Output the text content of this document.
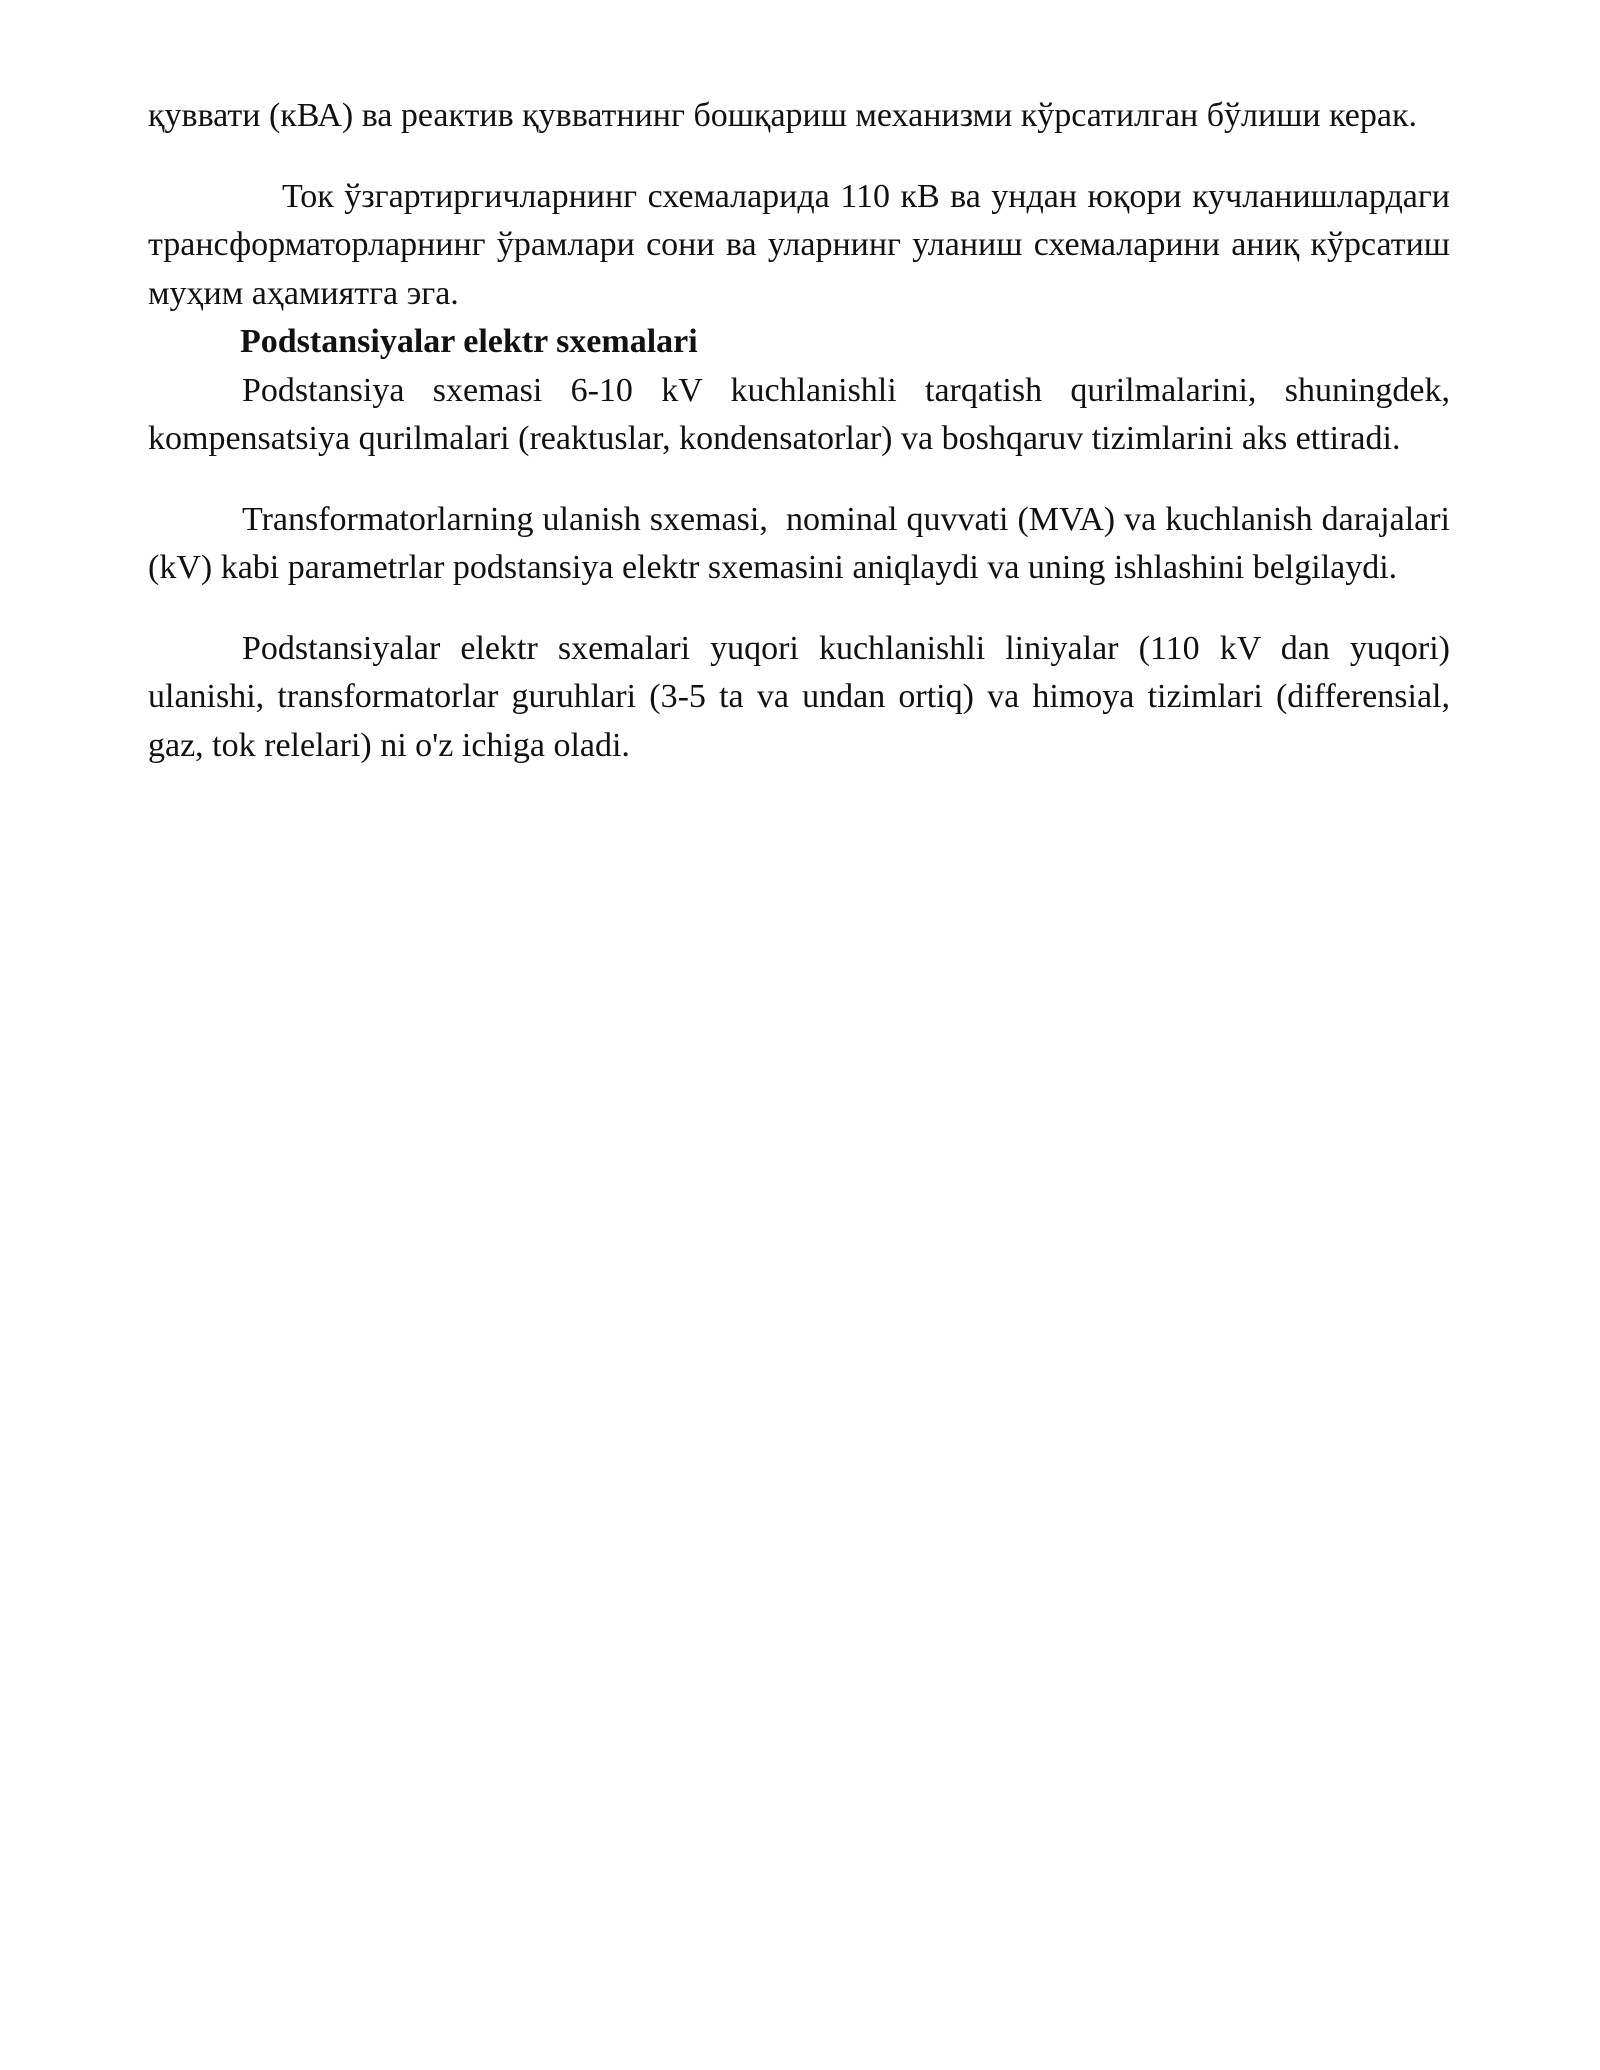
қуввати (кВА) ва реактив қувватнинг бошқариш механизми кўрсатилган бўлиши керак.

Ток ўзгартиргичларнинг схемаларида 110 кВ ва ундан юқори кучланишлардаги трансформаторларнинг ўрамлари сони ва уларнинг уланиш схемаларини аниқ кўрсатиш муҳим аҳамиятга эга.

Podstansiyalar elektr sxemalari

Podstansiya sxemasi 6-10 kV kuchlanishli tarqatish qurilmalarini, shuningdek, kompensatsiya qurilmalari (reaktuslar, kondensatorlar) va boshqaruv tizimlarini aks ettiradi.

Transformatorlarning ulanish sxemasi,  nominal quvvati (MVA) va kuchlanish darajalari (kV) kabi parametrlar podstansiya elektr sxemasini aniqlaydi va uning ishlashini belgilaydi.

Podstansiyalar elektr sxemalari yuqori kuchlanishli liniyalar (110 kV dan yuqori) ulanishi, transformatorlar guruhlari (3-5 ta va undan ortiq) va himoya tizimlari (differensial, gaz, tok relelari) ni o'z ichiga oladi.
